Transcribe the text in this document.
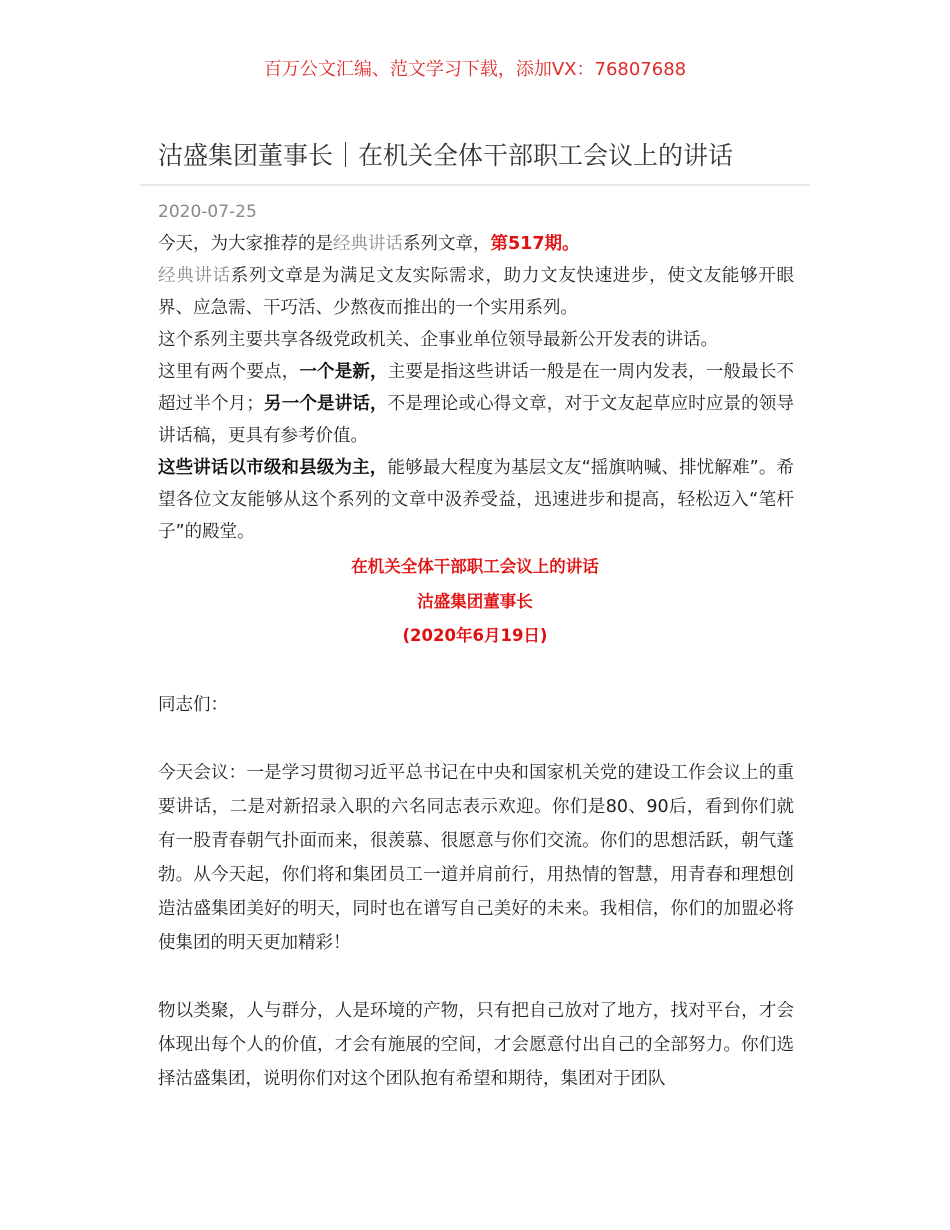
百万公文汇编、范文学习下载，添加VX：76807688
沽盛集团董事长｜在机关全体干部职工会议上的讲话
2020-07-25

今天，为大家推荐的是经典讲话系列文章，第517期。

经典讲话系列文章是为满足文友实际需求，助力文友快速进步，使文友能够开眼界、应急需、干巧活、少熬夜而推出的一个实用系列。

这个系列主要共享各级党政机关、企事业单位领导最新公开发表的讲话。

这里有两个要点，一个是新，主要是指这些讲话一般是在一周内发表，一般最长不超过半个月；另一个是讲话，不是理论或心得文章，对于文友起草应时应景的领导讲话稿，更具有参考价值。

这些讲话以市级和县级为主，能够最大程度为基层文友“摇旗呐喊、排忧解难”。希望各位文友能够从这个系列的文章中汲养受益，迅速进步和提高，轻松迈入“笔杆子”的殿堂。

在机关全体干部职工会议上的讲话
沽盛集团董事长
(2020年6月19日)

同志们：

今天会议：一是学习贯彻习近平总书记在中央和国家机关党的建设工作会议上的重要讲话，二是对新招录入职的六名同志表示欢迎。你们是80、90后，看到你们就有一股青春朝气扑面而来，很羡慕、很愿意与你们交流。你们的思想活跃，朝气蓬勃。从今天起，你们将和集团员工一道并肩前行，用热情的智慧，用青春和理想创造沽盛集团美好的明天，同时也在谱写自己美好的未来。我相信，你们的加盟必将使集团的明天更加精彩！

物以类聚，人与群分，人是环境的产物，只有把自己放对了地方，找对平台，才会体现出每个人的价值，才会有施展的空间，才会愿意付出自己的全部努力。你们选择沽盛集团，说明你们对这个团队抱有希望和期待，集团对于团队
